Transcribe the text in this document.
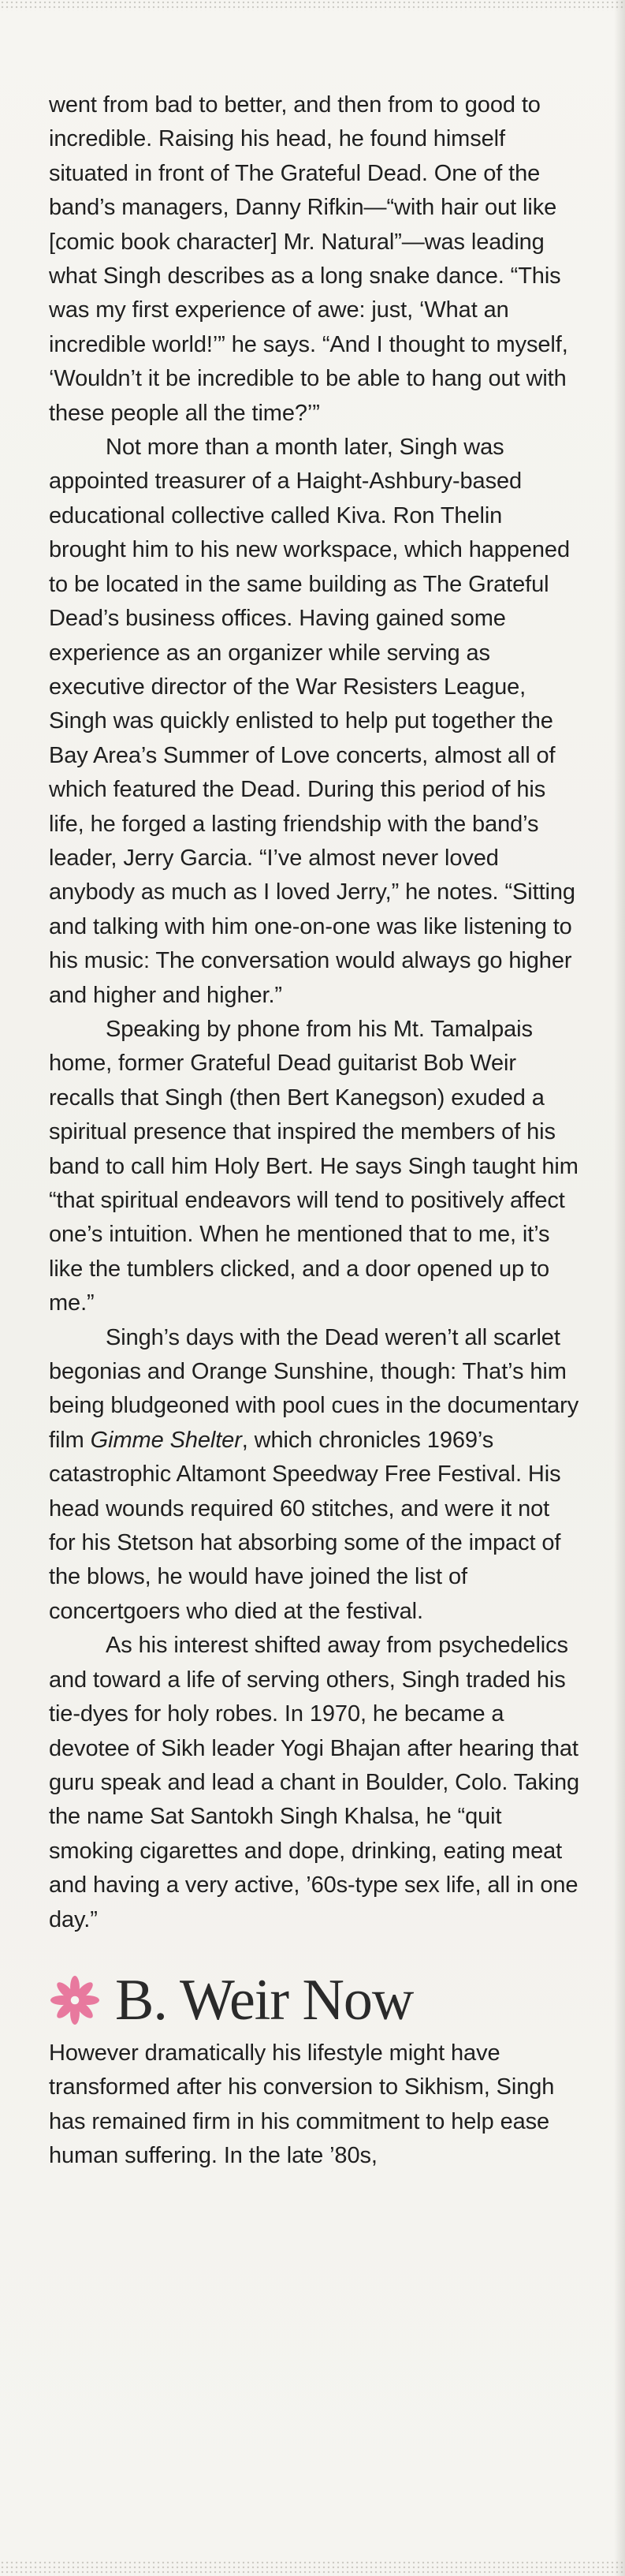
went from bad to better, and then from to good to incredible. Raising his head, he found himself situated in front of The Grateful Dead. One of the band’s managers, Danny Rifkin—“with hair out like [comic book character] Mr. Natural”—was leading what Singh describes as a long snake dance. “This was my first experience of awe: just, ‘What an incredible world!’” he says. “And I thought to myself, ‘Wouldn’t it be incredible to be able to hang out with these people all the time?’”

Not more than a month later, Singh was appointed treasurer of a Haight-Ashbury-based educational collective called Kiva. Ron Thelin brought him to his new workspace, which happened to be located in the same building as The Grateful Dead’s business offices. Having gained some experience as an organizer while serving as executive director of the War Resisters League, Singh was quickly enlisted to help put together the Bay Area’s Summer of Love concerts, almost all of which featured the Dead. During this period of his life, he forged a lasting friendship with the band’s leader, Jerry Garcia. “I’ve almost never loved anybody as much as I loved Jerry,” he notes. “Sitting and talking with him one-on-one was like listening to his music: The conversation would always go higher and higher and higher.”

Speaking by phone from his Mt. Tamalpais home, former Grateful Dead guitarist Bob Weir recalls that Singh (then Bert Kanegson) exuded a spiritual presence that inspired the members of his band to call him Holy Bert. He says Singh taught him “that spiritual endeavors will tend to positively affect one’s intuition. When he mentioned that to me, it’s like the tumblers clicked, and a door opened up to me.”

Singh’s days with the Dead weren’t all scarlet begonias and Orange Sunshine, though: That’s him being bludgeoned with pool cues in the documentary film Gimme Shelter, which chronicles 1969’s catastrophic Altamont Speedway Free Festival. His head wounds required 60 stitches, and were it not for his Stetson hat absorbing some of the impact of the blows, he would have joined the list of concertgoers who died at the festival.

As his interest shifted away from psychedelics and toward a life of serving others, Singh traded his tie-dyes for holy robes. In 1970, he became a devotee of Sikh leader Yogi Bhajan after hearing that guru speak and lead a chant in Boulder, Colo. Taking the name Sat Santokh Singh Khalsa, he “quit smoking cigarettes and dope, drinking, eating meat and having a very active, ’60s-type sex life, all in one day.”

B. Weir Now

However dramatically his lifestyle might have transformed after his conversion to Sikhism, Singh has remained firm in his commitment to help ease human suffering. In the late ’80s,
